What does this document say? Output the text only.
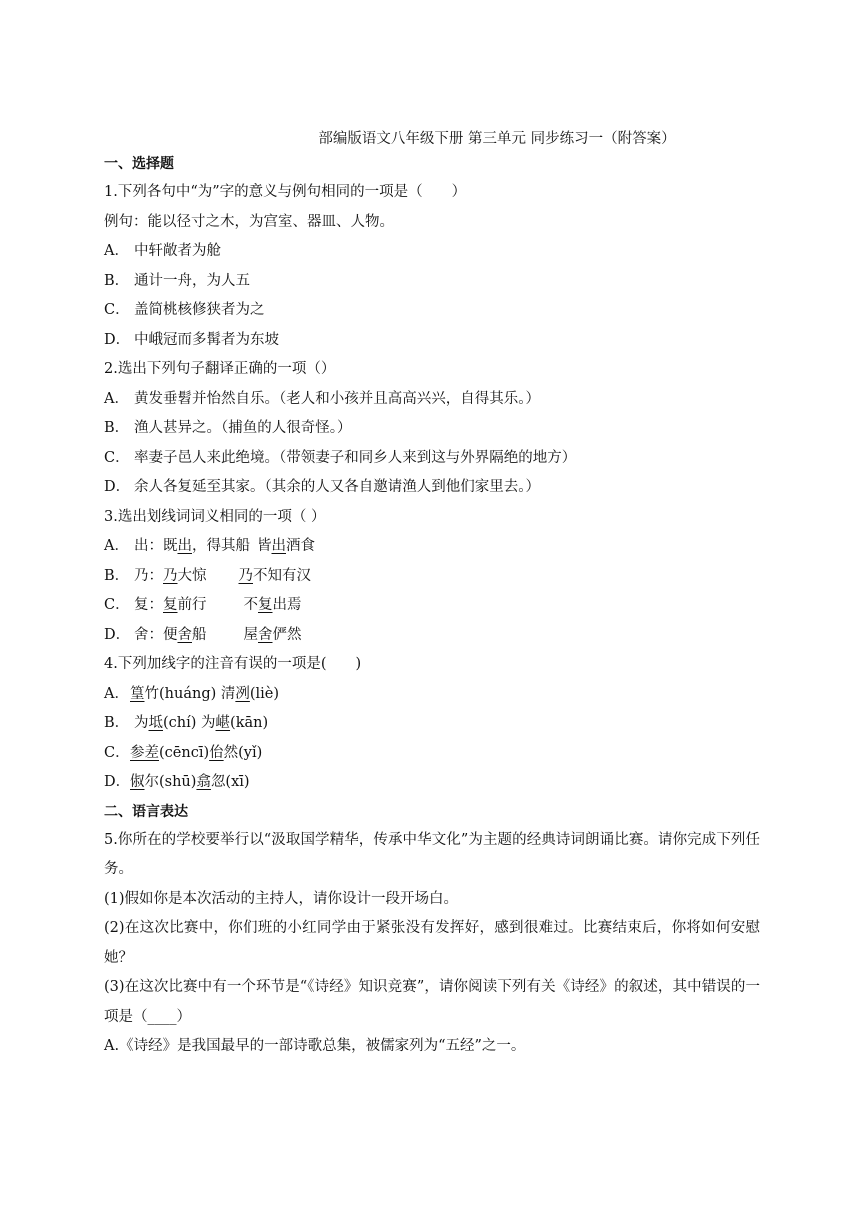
部编版语文八年级下册 第三单元 同步练习一（附答案）
一、选择题
1.下列各句中“为”字的意义与例句相同的一项是（　　）
例句：能以径寸之木，为宫室、器皿、人物。
A． 中轩敞者为舱
B． 通计一舟，为人五
C． 盖简桃核修狭者为之
D． 中峨冠而多髯者为东坡
2.选出下列句子翻译正确的一项（）
A． 黄发垂髫并怡然自乐。（老人和小孩并且高高兴兴，自得其乐。）
B． 渔人甚异之。（捕鱼的人很奇怪。）
C． 率妻子邑人来此绝境。（带领妻子和同乡人来到这与外界隔绝的地方）
D． 余人各复延至其家。（其余的人又各自邀请渔人到他们家里去。）
3.选出划线词词义相同的一项（ ）
A． 出：既出，得其船 皆出酒食
B． 乃：乃大惊 乃不知有汉
C． 复：复前行	不复出焉
D． 舍：便舍船	屋舍俨然
4.下列加线字的注音有误的一项是(　　)
A．篁竹(huáng) 清冽(liè)
B． 为坻(chí) 为嵁(kān)
C．参差(cēncī)佁然(yǐ)
D．俶尔(shū)翕忽(xī)
二、语言表达
5.你所在的学校要举行以“汲取国学精华，传承中华文化”为主题的经典诗词朗诵比赛。请你完成下列任务。
(1)假如你是本次活动的主持人，请你设计一段开场白。
(2)在这次比赛中，你们班的小红同学由于紧张没有发挥好，感到很难过。比赛结束后，你将如何安慰她？
(3)在这次比赛中有一个环节是“《诗经》知识竞赛”，请你阅读下列有关《诗经》的叙述，其中错误的一项是（____）
A.《诗经》是我国最早的一部诗歌总集，被儒家列为“五经”之一。
